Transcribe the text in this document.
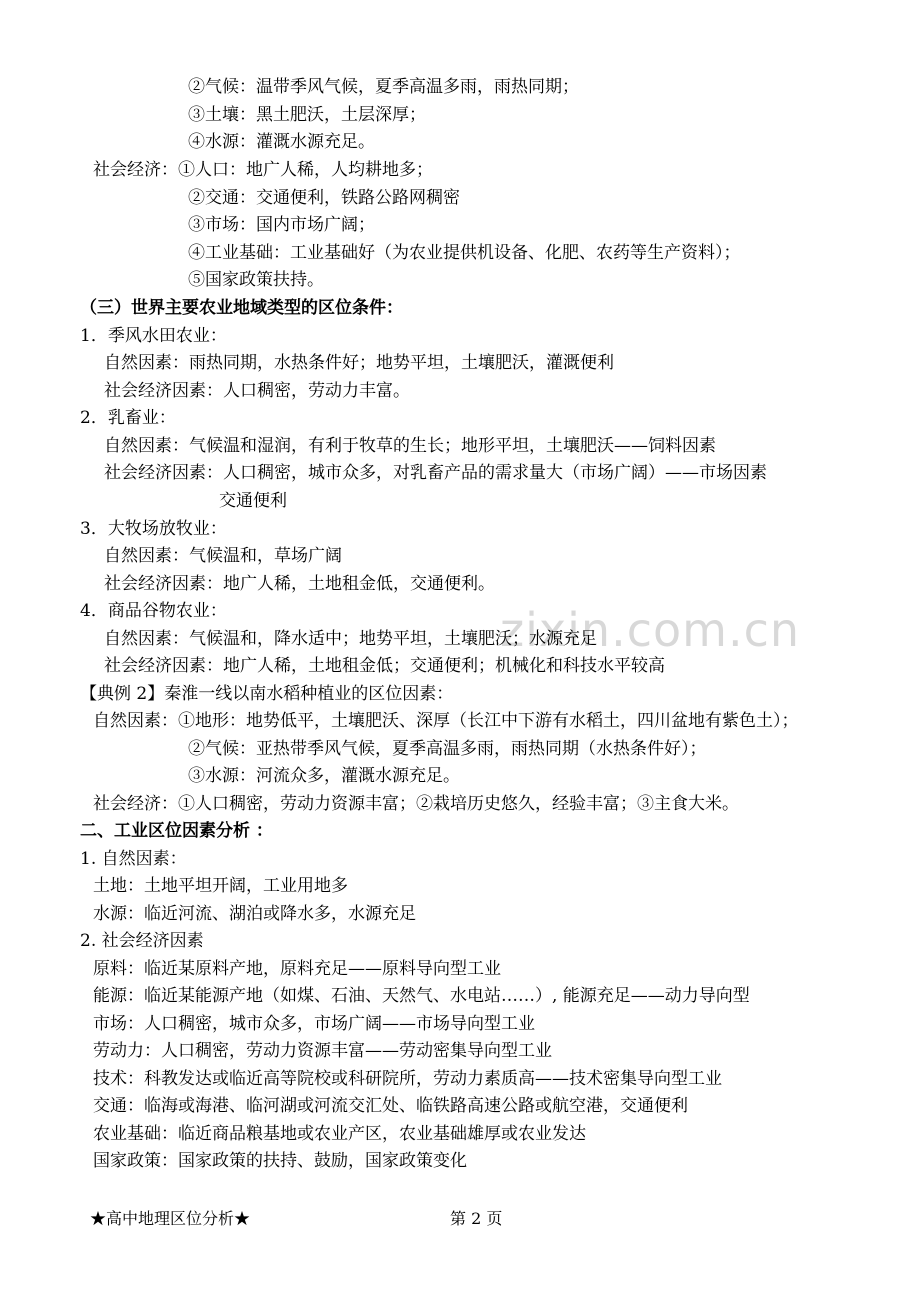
zixin.com.cn
②气候：温带季风气候，夏季高温多雨，雨热同期；
③土壤：黑土肥沃，土层深厚；
④水源：灌溉水源充足。
社会经济：①人口：地广人稀，人均耕地多；
②交通：交通便利，铁路公路网稠密
③市场：国内市场广阔；
④工业基础：工业基础好（为农业提供机设备、化肥、农药等生产资料）；
⑤国家政策扶持。
（三）世界主要农业地域类型的区位条件：
1．季风水田农业：
自然因素：雨热同期，水热条件好；地势平坦，土壤肥沃，灌溉便利
社会经济因素：人口稠密，劳动力丰富。
2．乳畜业：
自然因素：气候温和湿润，有利于牧草的生长；地形平坦，土壤肥沃——饲料因素
社会经济因素：人口稠密，城市众多，对乳畜产品的需求量大（市场广阔）——市场因素
交通便利
3．大牧场放牧业：
自然因素：气候温和，草场广阔
社会经济因素：地广人稀，土地租金低，交通便利。
4．商品谷物农业：
自然因素：气候温和，降水适中；地势平坦，土壤肥沃；水源充足
社会经济因素：地广人稀，土地租金低；交通便利；机械化和科技水平较高
【典例 2】秦淮一线以南水稻种植业的区位因素：
自然因素：①地形：地势低平，土壤肥沃、深厚（长江中下游有水稻土，四川盆地有紫色土）；
②气候：亚热带季风气候，夏季高温多雨，雨热同期（水热条件好）；
③水源：河流众多，灌溉水源充足。
社会经济：①人口稠密，劳动力资源丰富；②栽培历史悠久，经验丰富；③主食大米。
二、工业区位因素分析 ：
1. 自然因素：
土地：土地平坦开阔，工业用地多
水源：临近河流、湖泊或降水多，水源充足
2. 社会经济因素
原料：临近某原料产地，原料充足——原料导向型工业
能源：临近某能源产地（如煤、石油、天然气、水电站……）, 能源充足——动力导向型
市场：人口稠密，城市众多，市场广阔——市场导向型工业
劳动力：人口稠密，劳动力资源丰富——劳动密集导向型工业
技术：科教发达或临近高等院校或科研院所，劳动力素质高——技术密集导向型工业
交通：临海或海港、临河湖或河流交汇处、临铁路高速公路或航空港，交通便利
农业基础：临近商品粮基地或农业产区，农业基础雄厚或农业发达
国家政策：国家政策的扶持、鼓励，国家政策变化
★高中地理区位分析★	第 2 页
